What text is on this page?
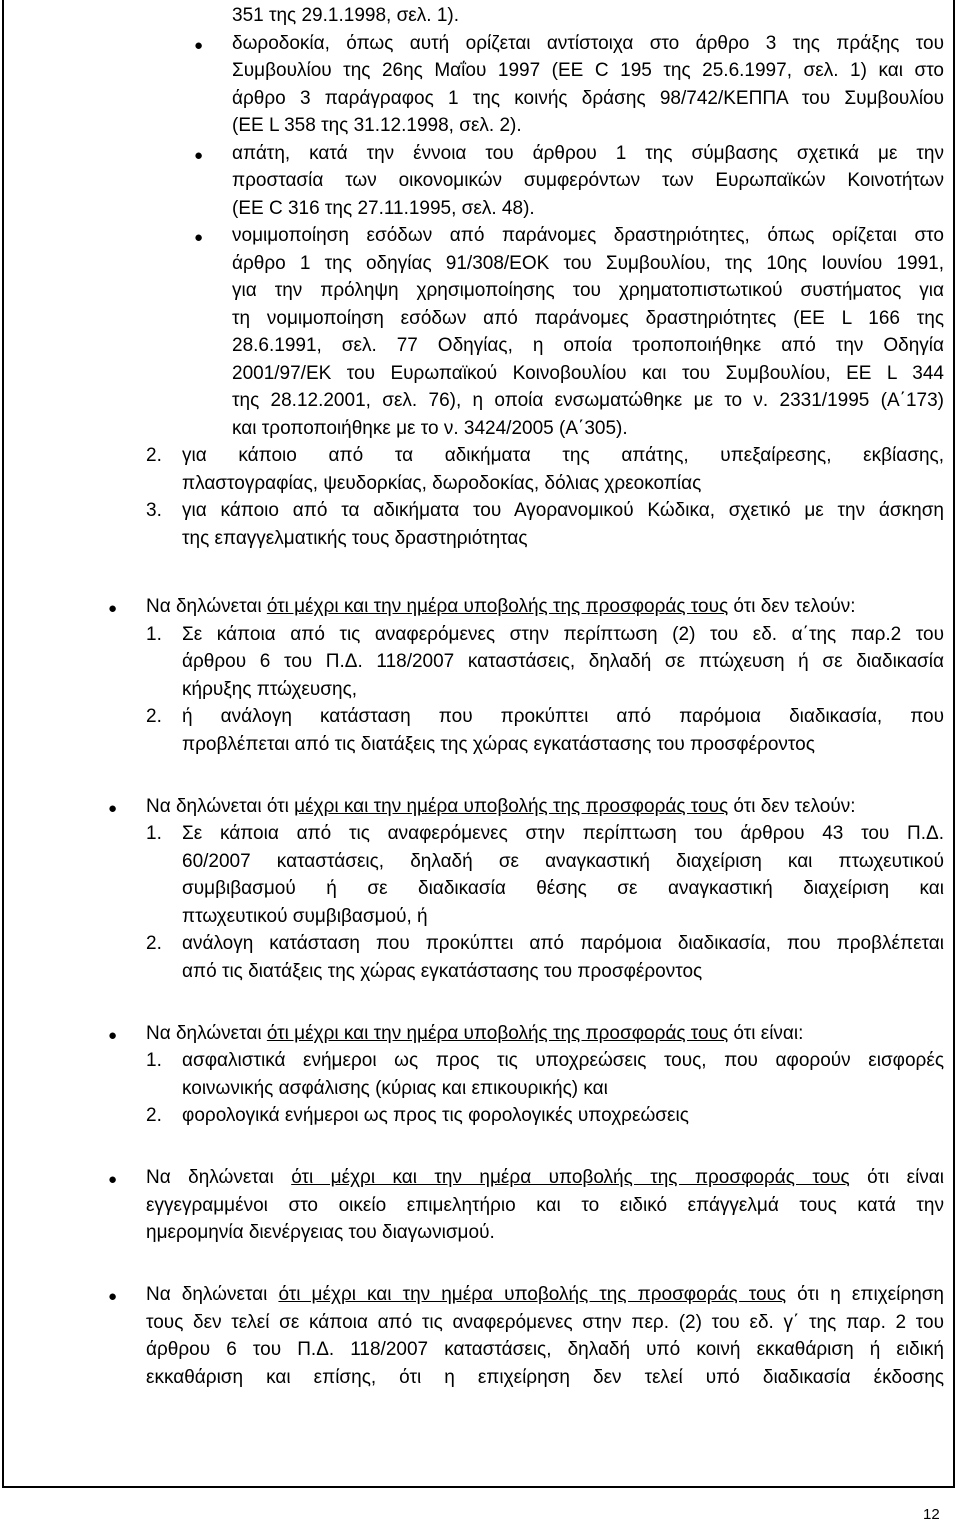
351 της 29.1.1998, σελ. 1).
● δωροδοκία, όπως αυτή ορίζεται αντίστοιχα στο άρθρο 3 της πράξης του
Συμβουλίου της 26ης Μαΐου 1997 (ΕΕ C 195 της 25.6.1997, σελ. 1) και στο
άρθρο 3 παράγραφος 1 της κοινής δράσης 98/742/ΚΕΠΠΑ του Συμβουλίου
(ΕΕ L 358 της 31.12.1998, σελ. 2).
● απάτη, κατά την έννοια του άρθρου 1 της σύμβασης σχετικά με την
προστασία των οικονομικών συμφερόντων των Ευρωπαϊκών Κοινοτήτων
(ΕΕ C 316 της 27.11.1995, σελ. 48).
● νομιμοποίηση εσόδων από παράνομες δραστηριότητες, όπως ορίζεται στο
άρθρο 1 της οδηγίας 91/308/ΕΟΚ του Συμβουλίου, της 10ης Ιουνίου 1991,
για την πρόληψη χρησιμοποίησης του χρηματοπιστωτικού συστήματος για
τη νομιμοποίηση εσόδων από παράνομες δραστηριότητες (ΕΕ L 166 της
28.6.1991, σελ. 77 Οδηγίας, η οποία τροποποιήθηκε από την Οδηγία
2001/97/ΕΚ του Ευρωπαϊκού Κοινοβουλίου και του Συμβουλίου, ΕΕ L 344
της 28.12.2001, σελ. 76), η οποία ενσωματώθηκε με το ν. 2331/1995 (Α΄173)
και τροποποιήθηκε με το ν. 3424/2005 (Α΄305).
2. για κάποιο από τα αδικήματα της απάτης, υπεξαίρεσης, εκβίασης,
πλαστογραφίας, ψευδορκίας, δωροδοκίας, δόλιας χρεοκοπίας
3. για κάποιο από τα αδικήματα του Αγορανομικού Κώδικα, σχετικό με την άσκηση
της επαγγελματικής τους δραστηριότητας
● Να δηλώνεται ότι μέχρι και την ημέρα υποβολής της προσφοράς τους ότι δεν τελούν:
1. Σε κάποια από τις αναφερόμενες στην περίπτωση (2) του εδ. α΄της παρ.2 του
άρθρου 6 του Π.Δ. 118/2007 καταστάσεις, δηλαδή σε πτώχευση ή σε διαδικασία
κήρυξης πτώχευσης,
2. ή ανάλογη κατάσταση που προκύπτει από παρόμοια διαδικασία, που
προβλέπεται από τις διατάξεις της χώρας εγκατάστασης του προσφέροντος
● Να δηλώνεται ότι μέχρι και την ημέρα υποβολής της προσφοράς τους ότι δεν τελούν:
1. Σε κάποια από τις αναφερόμενες στην περίπτωση του άρθρου 43 του Π.Δ.
60/2007 καταστάσεις, δηλαδή σε αναγκαστική διαχείριση και πτωχευτικού
συμβιβασμού ή σε διαδικασία θέσης σε αναγκαστική διαχείριση και
πτωχευτικού συμβιβασμού, ή
2. ανάλογη κατάσταση που προκύπτει από παρόμοια διαδικασία, που προβλέπεται
από τις διατάξεις της χώρας εγκατάστασης του προσφέροντος
● Να δηλώνεται ότι μέχρι και την ημέρα υποβολής της προσφοράς τους ότι είναι:
1. ασφαλιστικά ενήμεροι ως προς τις υποχρεώσεις τους, που αφορούν εισφορές
κοινωνικής ασφάλισης (κύριας και επικουρικής) και
2. φορολογικά ενήμεροι ως προς τις φορολογικές υποχρεώσεις
● Να δηλώνεται ότι μέχρι και την ημέρα υποβολής της προσφοράς τους ότι είναι
εγγεγραμμένοι στο οικείο επιμελητήριο και το ειδικό επάγγελμά τους κατά την
ημερομηνία διενέργειας του διαγωνισμού.
● Να δηλώνεται ότι μέχρι και την ημέρα υποβολής της προσφοράς τους ότι η επιχείρηση
τους δεν τελεί σε κάποια από τις αναφερόμενες στην περ. (2) του εδ. γ΄ της παρ. 2 του
άρθρου 6 του Π.Δ. 118/2007 καταστάσεις, δηλαδή υπό κοινή εκκαθάριση ή ειδική
εκκαθάριση και επίσης, ότι η επιχείρηση δεν τελεί υπό διαδικασία έκδοσης
12
